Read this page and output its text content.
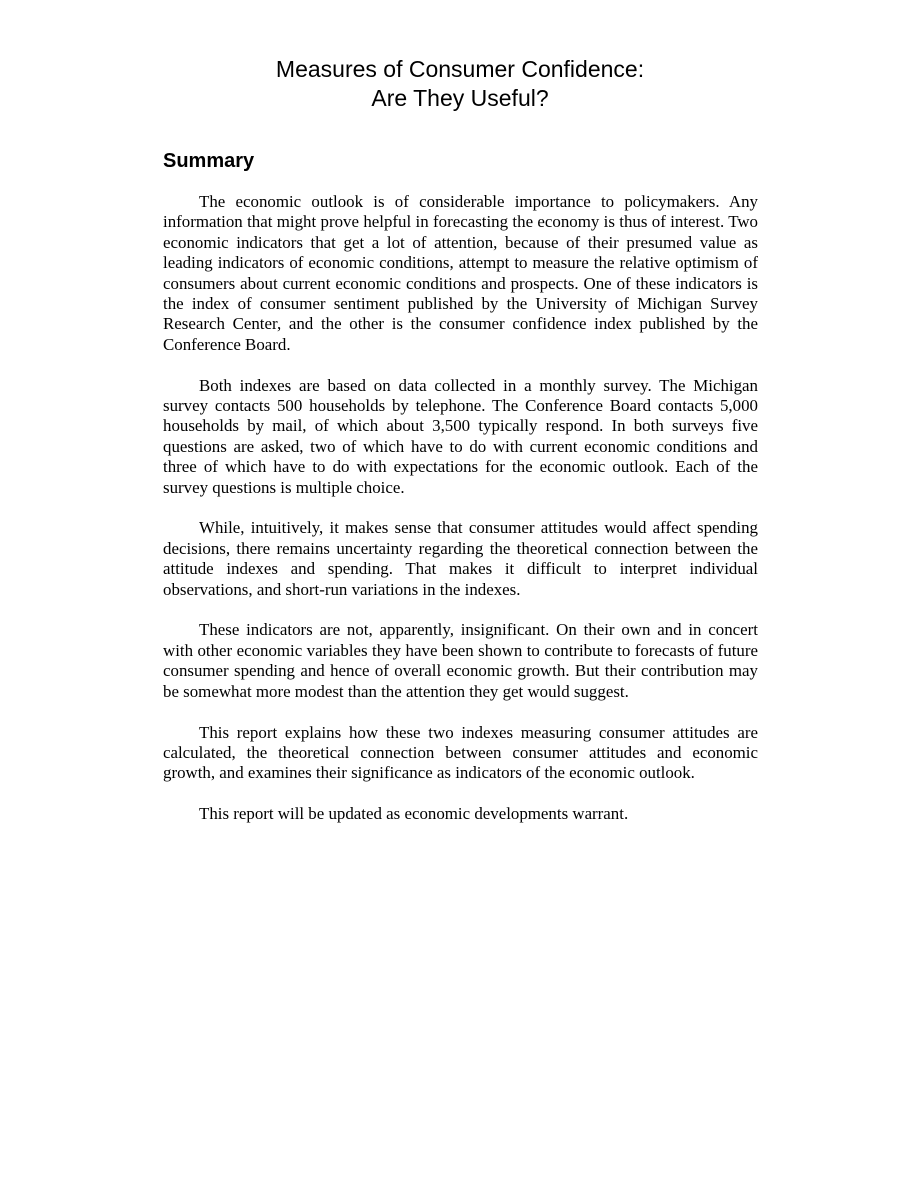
Measures of Consumer Confidence:
Are They Useful?
Summary

The economic outlook is of considerable importance to policymakers. Any information that might prove helpful in forecasting the economy is thus of interest. Two economic indicators that get a lot of attention, because of their presumed value as leading indicators of economic conditions, attempt to measure the relative optimism of consumers about current economic conditions and prospects. One of these indicators is the index of consumer sentiment published by the University of Michigan Survey Research Center, and the other is the consumer confidence index published by the Conference Board.

Both indexes are based on data collected in a monthly survey. The Michigan survey contacts 500 households by telephone. The Conference Board contacts 5,000 households by mail, of which about 3,500 typically respond. In both surveys five questions are asked, two of which have to do with current economic conditions and three of which have to do with expectations for the economic outlook. Each of the survey questions is multiple choice.

While, intuitively, it makes sense that consumer attitudes would affect spending decisions, there remains uncertainty regarding the theoretical connection between the attitude indexes and spending. That makes it difficult to interpret individual observations, and short-run variations in the indexes.

These indicators are not, apparently, insignificant. On their own and in concert with other economic variables they have been shown to contribute to forecasts of future consumer spending and hence of overall economic growth. But their contribution may be somewhat more modest than the attention they get would suggest.

This report explains how these two indexes measuring consumer attitudes are calculated, the theoretical connection between consumer attitudes and economic growth, and examines their significance as indicators of the economic outlook.

This report will be updated as economic developments warrant.
